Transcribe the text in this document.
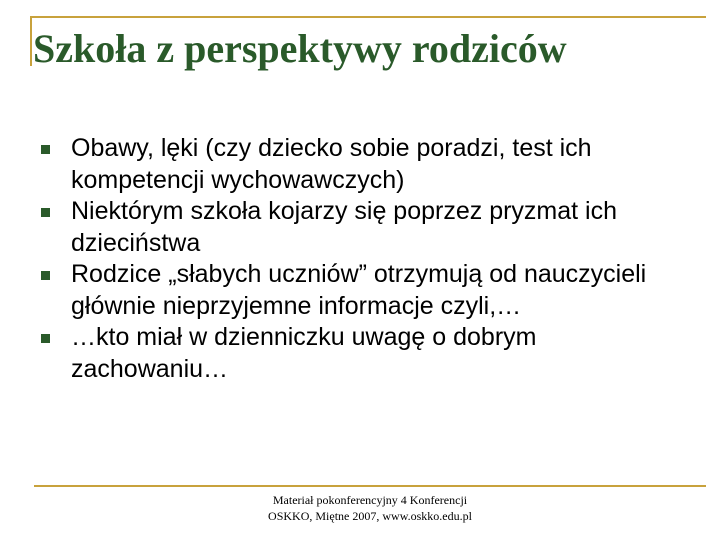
Szkoła z perspektywy rodziców
Obawy, lęki (czy dziecko sobie poradzi, test ich kompetencji wychowawczych)
Niektórym szkoła kojarzy się poprzez pryzmat ich dzieciństwa
Rodzice „słabych uczniów” otrzymują od nauczycieli głównie nieprzyjemne informacje czyli,…
…kto miał w dzienniczku uwagę o dobrym zachowaniu…
Materiał pokonferencyjny 4 Konferencji
OSKKO, Miętne 2007, www.oskko.edu.pl
